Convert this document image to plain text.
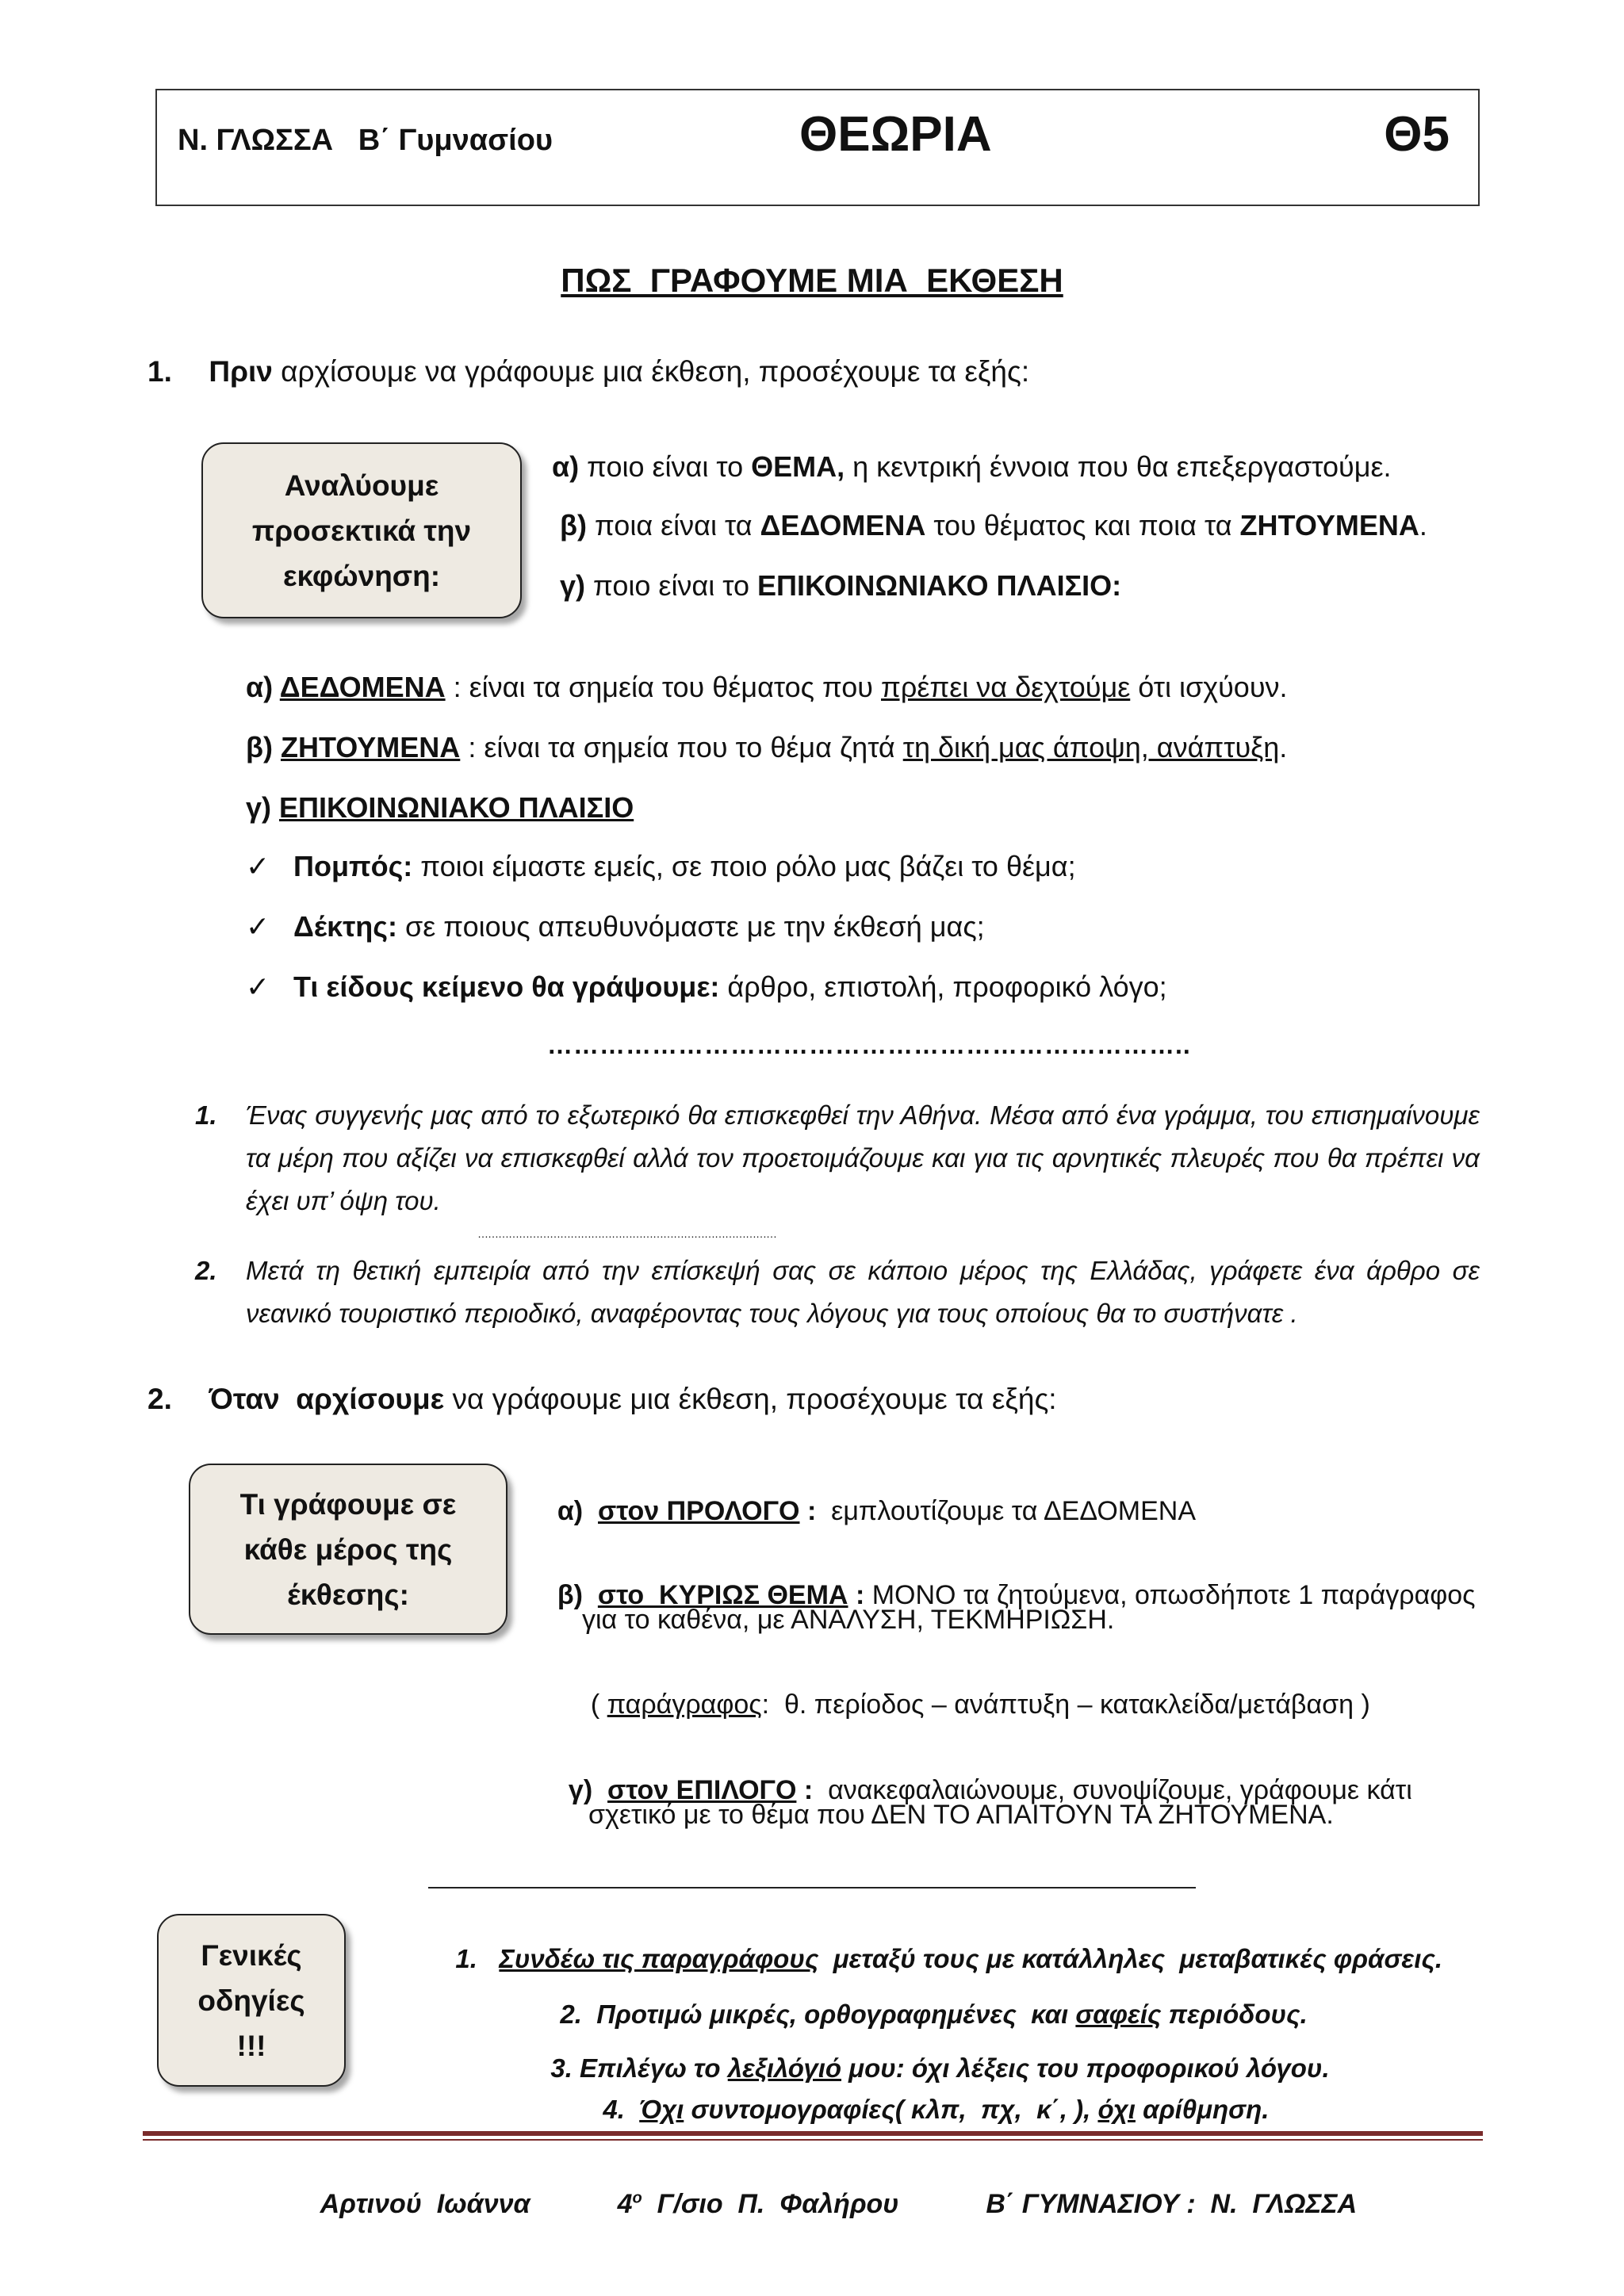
Ν. ΓΛΩΣΣΑ   Β΄ Γυμνασίου	ΘΕΩΡΙΑ	Θ5
ΠΩΣ  ΓΡΑΦΟΥΜΕ ΜΙΑ  ΕΚΘΕΣΗ
1. Πριν αρχίσουμε να γράφουμε μια έκθεση, προσέχουμε τα εξής:
Αναλύουμε
προσεκτικά την
εκφώνηση:
α) ποιο είναι το ΘΕΜΑ, η κεντρική έννοια που θα επεξεργαστούμε.
β) ποια είναι τα ΔΕΔΟΜΕΝΑ του θέματος και ποια τα ΖΗΤΟΥΜΕΝΑ.
γ) ποιο είναι το ΕΠΙΚΟΙΝΩΝΙΑΚΟ ΠΛΑΙΣΙΟ:
α) ΔΕΔΟΜΕΝΑ : είναι τα σημεία του θέματος που πρέπει να δεχτούμε ότι ισχύουν.
β) ΖΗΤΟΥΜΕΝΑ : είναι τα σημεία που το θέμα ζητά τη δική μας άποψη, ανάπτυξη.
γ) ΕΠΙΚΟΙΝΩΝΙΑΚΟ ΠΛΑΙΣΙΟ
✓ Πομπός: ποιοι είμαστε εμείς, σε ποιο ρόλο μας βάζει το θέμα;
✓ Δέκτης: σε ποιους απευθυνόμαστε με την έκθεσή μας;
✓ Τι είδους κείμενο θα γράψουμε: άρθρο, επιστολή, προφορικό λόγο;
………………………………………………………………..
1. Ένας συγγενής μας από το εξωτερικό θα επισκεφθεί την Αθήνα. Μέσα από ένα γράμμα, του επισημαίνουμε τα μέρη που αξίζει να επισκεφθεί αλλά τον προετοιμάζουμε και για τις αρνητικές πλευρές που θα πρέπει να έχει υπ’ όψη του.
……………………………………………………………………………
2. Μετά τη θετική εμπειρία από την επίσκεψή σας σε κάποιο μέρος της Ελλάδας, γράφετε ένα άρθρο σε νεανικό τουριστικό περιοδικό, αναφέροντας τους λόγους για τους οποίους θα το συστήνατε .
2. Όταν  αρχίσουμε να γράφουμε μια έκθεση, προσέχουμε τα εξής:
Τι γράφουμε σε
κάθε μέρος της
έκθεσης:

α)  στον ΠΡΟΛΟΓΟ :  εμπλουτίζουμε τα ΔΕΔΟΜΕΝΑ

β)  στο  ΚΥΡΙΩΣ ΘΕΜΑ : ΜΟΝΟ τα ζητούμενα, οπωσδήποτε 1 παράγραφος

για το καθένα, με ΑΝΑΛΥΣΗ, ΤΕΚΜΗΡΙΩΣΗ.

( παράγραφος:  θ. περίοδος – ανάπτυξη – κατακλείδα/μετάβαση )

γ)  στον ΕΠΙΛΟΓΟ :  ανακεφαλαιώνουμε, συνοψίζουμε, γράφουμε κάτι

σχετικό με το θέμα που ΔΕΝ ΤΟ ΑΠΑΙΤΟΥΝ ΤΑ ΖΗΤΟΥΜΕΝΑ.
Γενικές
οδηγίες
!!!

1.   Συνδέω τις παραγράφους  μεταξύ τους με κατάλληλες  μεταβατικές φράσεις.

2.  Προτιμώ μικρές, ορθογραφημένες  και σαφείς περιόδους.

3. Επιλέγω το λεξιλόγιό μου: όχι λέξεις του προφορικού λόγου.

4.  Όχι συντομογραφίες( κλπ,  πχ,  κ΄, ), όχι αρίθμηση.

Αρτινού  Ιωάννα	$4^o$  Γ/σιο  Π.  Φαλήρου	Β΄ ΓΥΜΝΑΣΙΟΥ :  Ν.  ΓΛΩΣΣΑ
